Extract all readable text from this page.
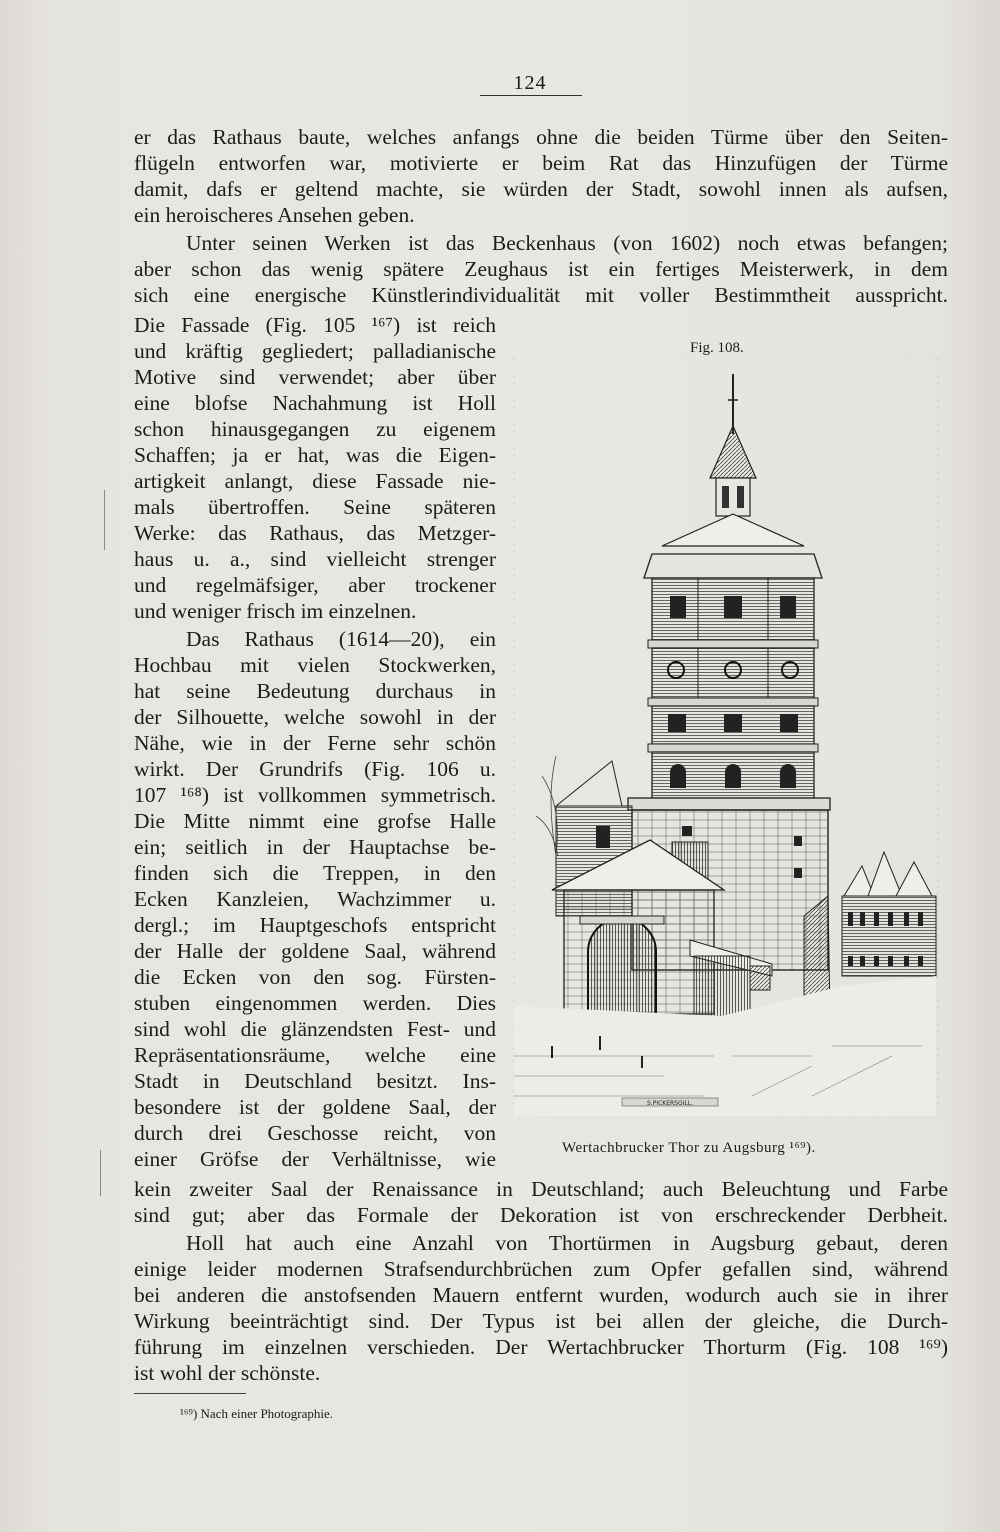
124
er das Rathaus baute, welches anfangs ohne die beiden Türme über den Seiten-
flügeln entworfen war, motivierte er beim Rat das Hinzufügen der Türme
damit, dafs er geltend machte, sie würden der Stadt, sowohl innen als aufsen,
ein heroischeres Ansehen geben.
Unter seinen Werken ist das Beckenhaus (von 1602) noch etwas befangen;
aber schon das wenig spätere Zeughaus ist ein fertiges Meisterwerk, in dem
sich eine energische Künstlerindividualität mit voller Bestimmtheit ausspricht.
Die Fassade (Fig. 105 ¹⁶⁷) ist reich
und kräftig gegliedert; palladianische
Motive sind verwendet; aber über
eine blofse Nachahmung ist Holl
schon hinausgegangen zu eigenem
Schaffen; ja er hat, was die Eigen-
artigkeit anlangt, diese Fassade nie-
mals übertroffen. Seine späteren
Werke: das Rathaus, das Metzger-
haus u. a., sind vielleicht strenger
und regelmäfsiger, aber trockener
und weniger frisch im einzelnen.
Das Rathaus (1614—20), ein
Hochbau mit vielen Stockwerken,
hat seine Bedeutung durchaus in
der Silhouette, welche sowohl in der
Nähe, wie in der Ferne sehr schön
wirkt. Der Grundrifs (Fig. 106 u.
107 ¹⁶⁸) ist vollkommen symmetrisch.
Die Mitte nimmt eine grofse Halle
ein; seitlich in der Hauptachse be-
finden sich die Treppen, in den
Ecken Kanzleien, Wachzimmer u.
dergl.; im Hauptgeschofs entspricht
der Halle der goldene Saal, während
die Ecken von den sog. Fürsten-
stuben eingenommen werden. Dies
sind wohl die glänzendsten Fest- und
Repräsentationsräume, welche eine
Stadt in Deutschland besitzt. Ins-
besondere ist der goldene Saal, der
durch drei Geschosse reicht, von
einer Gröfse der Verhältnisse, wie
kein zweiter Saal der Renaissance in Deutschland; auch Beleuchtung und Farbe
sind gut; aber das Formale der Dekoration ist von erschreckender Derbheit.
Holl hat auch eine Anzahl von Thortürmen in Augsburg gebaut, deren
einige leider modernen Strafsendurchbrüchen zum Opfer gefallen sind, während
bei anderen die anstofsenden Mauern entfernt wurden, wodurch auch sie in ihrer
Wirkung beeinträchtigt sind. Der Typus ist bei allen der gleiche, die Durch-
führung im einzelnen verschieden. Der Wertachbrucker Thorturm (Fig. 108 ¹⁶⁹)
ist wohl der schönste.
Fig. 108.
S.PICKERSGILL.
Wertachbrucker Thor zu Augsburg ¹⁶⁹).
¹⁶⁹) Nach einer Photographie.
